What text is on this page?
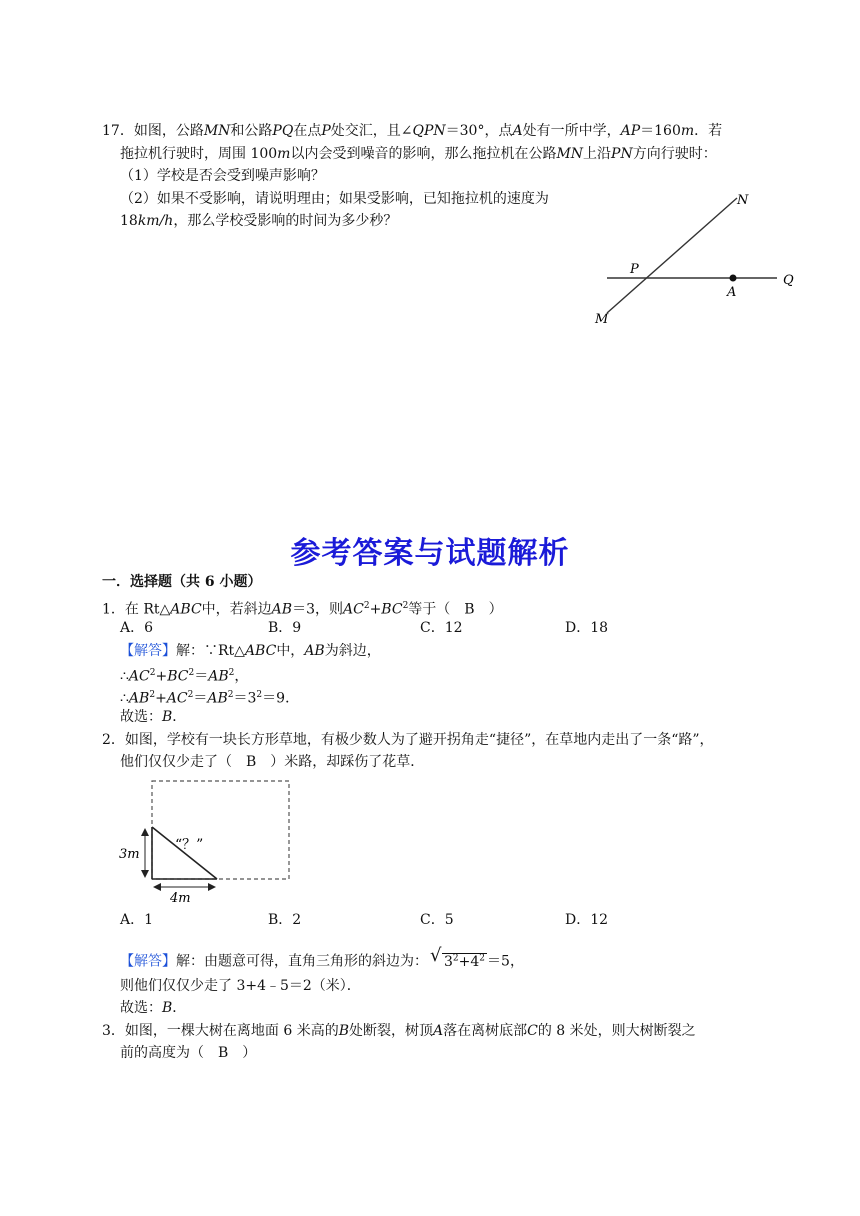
17．如图，公路MN和公路PQ在点P处交汇，且∠QPN＝30°，点A处有一所中学，AP＝160m．若
拖拉机行驶时，周围 100m以内会受到噪音的影响，那么拖拉机在公路MN上沿PN方向行驶时：
（1）学校是否会受到噪声影响？
（2）如果不受影响，请说明理由；如果受影响，已知拖拉机的速度为
18km/h，那么学校受影响的时间为多少秒？
N
P
A
Q
M
参考答案与试题解析
一．选择题（共 6 小题）
1．在 Rt△ABC中，若斜边AB＝3，则$AC^2+BC^2$等于（　B　）
A．6	B．9	C．12	D．18
【解答】解：∵Rt△ABC中，AB为斜边，
$\therefore AC^2+BC^2=AB^2$，
$\therefore AB^2+AC^2=AB^2=3^2=9$．
故选：B．
2．如图，学校有一块长方形草地，有极少数人为了避开拐角走“捷径”，在草地内走出了一条“路”，
他们仅仅少走了（　B　）米路，却踩伤了花草．
3m
4m
“？”
A．1	B．2	C．5	D．12
【解答】解：由题意可得，直角三角形的斜边为： √ $3^2+4^2 =5$，
则他们仅仅少走了 3+4﹣5＝2（米）．
故选：B．
3．如图，一棵大树在离地面 6 米高的B处断裂，树顶A落在离树底部C的 8 米处，则大树断裂之
前的高度为（　B　）
